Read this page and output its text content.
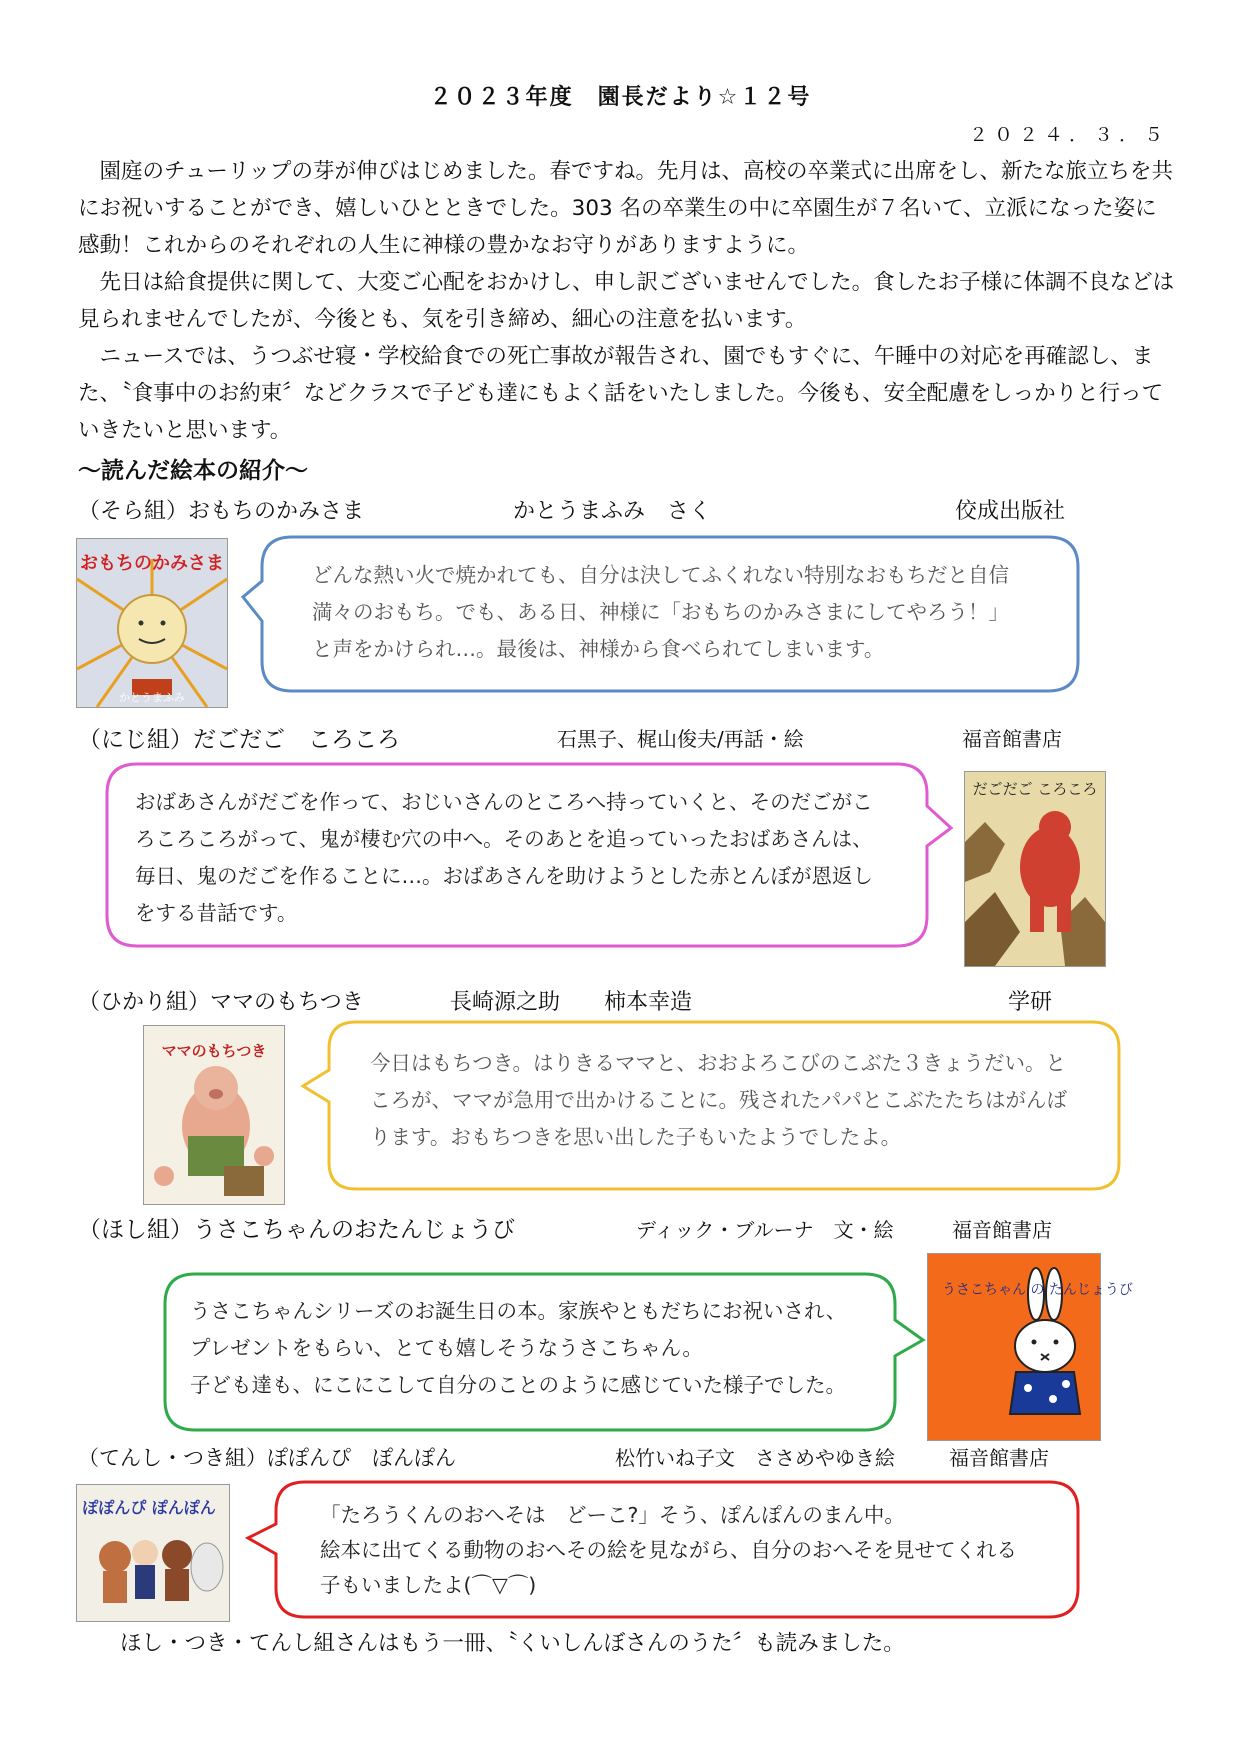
２０２３年度　園長だより☆１２号
２０２４．３．５

　園庭のチューリップの芽が伸びはじめました。春ですね。先月は、高校の卒業式に出席をし、新たな旅立ちを共にお祝いすることができ、嬉しいひとときでした。303 名の卒業生の中に卒園生が７名いて、立派になった姿に感動！これからのそれぞれの人生に神様の豊かなお守りがありますように。

　先日は給食提供に関して、大変ご心配をおかけし、申し訳ございませんでした。食したお子様に体調不良などは見られませんでしたが、今後とも、気を引き締め、細心の注意を払います。

　ニュースでは、うつぶせ寝・学校給食での死亡事故が報告され、園でもすぐに、午睡中の対応を再確認し、また、〝食事中のお約束〞などクラスで子ども達にもよく話をいたしました。今後も、安全配慮をしっかりと行っていきたいと思います。

～読んだ絵本の紹介～
（そら組）おもちのかみさま	かとうまふみ　さく	佼成出版社
おもちのかみさま
かとうまふみ
どんな熱い火で焼かれても、自分は決してふくれない特別なおもちだと自信
満々のおもち。でも、ある日、神様に「おもちのかみさまにしてやろう！」
と声をかけられ…。最後は、神様から食べられてしまいます。
（にじ組）だごだご　ころころ	石黒子、梶山俊夫/再話・絵	福音館書店
おばあさんがだごを作って、おじいさんのところへ持っていくと、そのだごがこ
ろころころがって、鬼が棲む穴の中へ。そのあとを追っていったおばあさんは、
毎日、鬼のだごを作ることに…。おばあさんを助けようとした赤とんぼが恩返し
をする昔話です。
だごだご ころころ
（ひかり組）ママのもちつき	長崎源之助　　柿本幸造	学研
ママのもちつき	今日はもちつき。はりきるママと、おおよろこびのこぶた３きょうだい。と
ころが、ママが急用で出かけることに。残されたパパとこぶたたちはがんば
ります。おもちつきを思い出した子もいたようでしたよ。
（ほし組）うさこちゃんのおたんじょうび	ディック・ブルーナ　文・絵	福音館書店
うさこちゃんシリーズのお誕生日の本。家族やともだちにお祝いされ、
プレゼントをもらい、とても嬉しそうなうさこちゃん。
子ども達も、にこにこして自分のことのように感じていた様子でした。
うさこちゃん の たんじょうび
（てんし・つき組）ぽぽんぴ　ぽんぽん	松竹いね子文　ささめやゆき絵	福音館書店
ぽぽんぴ ぽんぽん	「たろうくんのおへそは　どーこ?」そう、ぽんぽんのまん中。
絵本に出てくる動物のおへその絵を見ながら、自分のおへそを見せてくれる
子もいましたよ(⌒▽⌒)
ほし・つき・てんし組さんはもう一冊、〝くいしんぼさんのうた〞も読みました。
